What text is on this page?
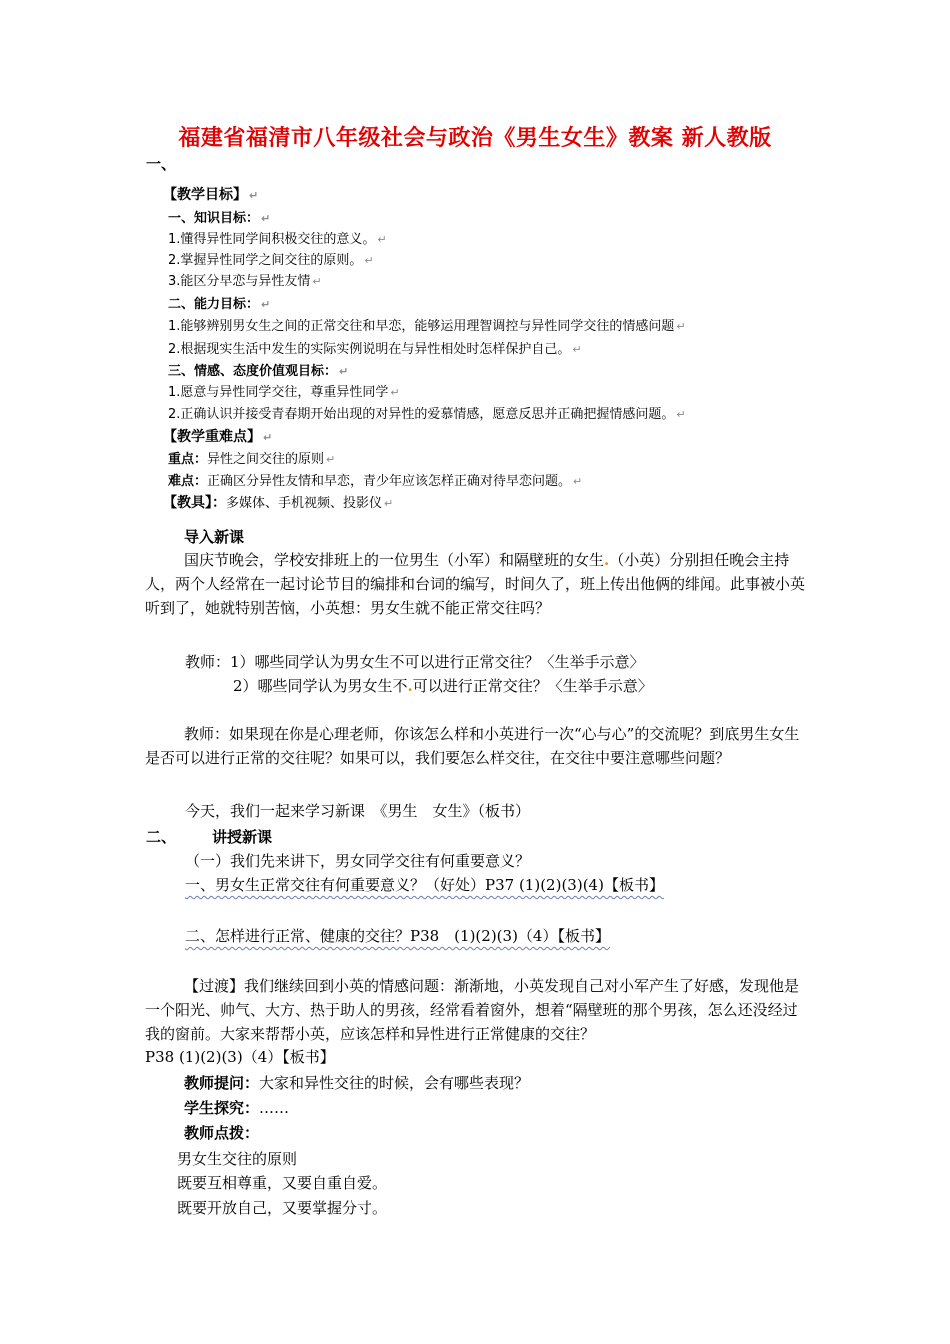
福建省福清市八年级社会与政治《男生女生》教案 新人教版
一、
【教学目标】 ↵
一、知识目标： ↵
1.懂得异性同学间积极交往的意义。 ↵
2.掌握异性同学之间交往的原则。 ↵
3.能区分早恋与异性友情 ↵
二、能力目标： ↵
1.能够辨别男女生之间的正常交往和早恋，能够运用理智调控与异性同学交往的情感问题 ↵
2.根据现实生活中发生的实际实例说明在与异性相处时怎样保护自己。 ↵
三、情感、态度价值观目标： ↵
1.愿意与异性同学交往，尊重异性同学 ↵
2.正确认识并接受青春期开始出现的对异性的爱慕情感，愿意反思并正确把握情感问题。 ↵
【教学重难点】 ↵
重点：异性之间交往的原则 ↵
难点：正确区分异性友情和早恋，青少年应该怎样正确对待早恋问题。 ↵
【教具】：多媒体、手机视频、投影仪 ↵
导入新课

国庆节晚会，学校安排班上的一位男生（小军）和隔壁班的女生.（小英）分别担任晚会主持人，两个人经常在一起讨论节目的编排和台词的编写，时间久了，班上传出他俩的绯闻。此事被小英听到了，她就特别苦恼，小英想：男女生就不能正常交往吗？

教师：1）哪些同学认为男女生不可以进行正常交往？〈生举手示意〉
2）哪些同学认为男女生不.可以进行正常交往？〈生举手示意〉

教师：如果现在你是心理老师，你该怎么样和小英进行一次“心与心”的交流呢？到底男生女生是否可以进行正常的交往呢？如果可以，我们要怎么样交往，在交往中要注意哪些问题？

今天，我们一起来学习新课　《男生　女生》（板书）
二、 讲授新课
（一）我们先来讲下，男女同学交往有何重要意义？
一、男女生正常交往有何重要意义？（好处）P37 (1)(2)(3)(4)【板书】
二、怎样进行正常、健康的交往？P38　(1)(2)(3)（4）【板书】

【过渡】我们继续回到小英的情感问题：渐渐地，小英发现自己对小军产生了好感，发现他是一个阳光、帅气、大方、热于助人的男孩，经常看着窗外，想着“隔壁班的那个男孩，怎么还没经过我的窗前。大家来帮帮小英，应该怎样和异性进行正常健康的交往？

P38 (1)(2)(3)（4）【板书】
教师提问：大家和异性交往的时候，会有哪些表现？
学生探究：……
教师点拨：
男女生交往的原则
既要互相尊重，又要自重自爱。
既要开放自己，又要掌握分寸。
